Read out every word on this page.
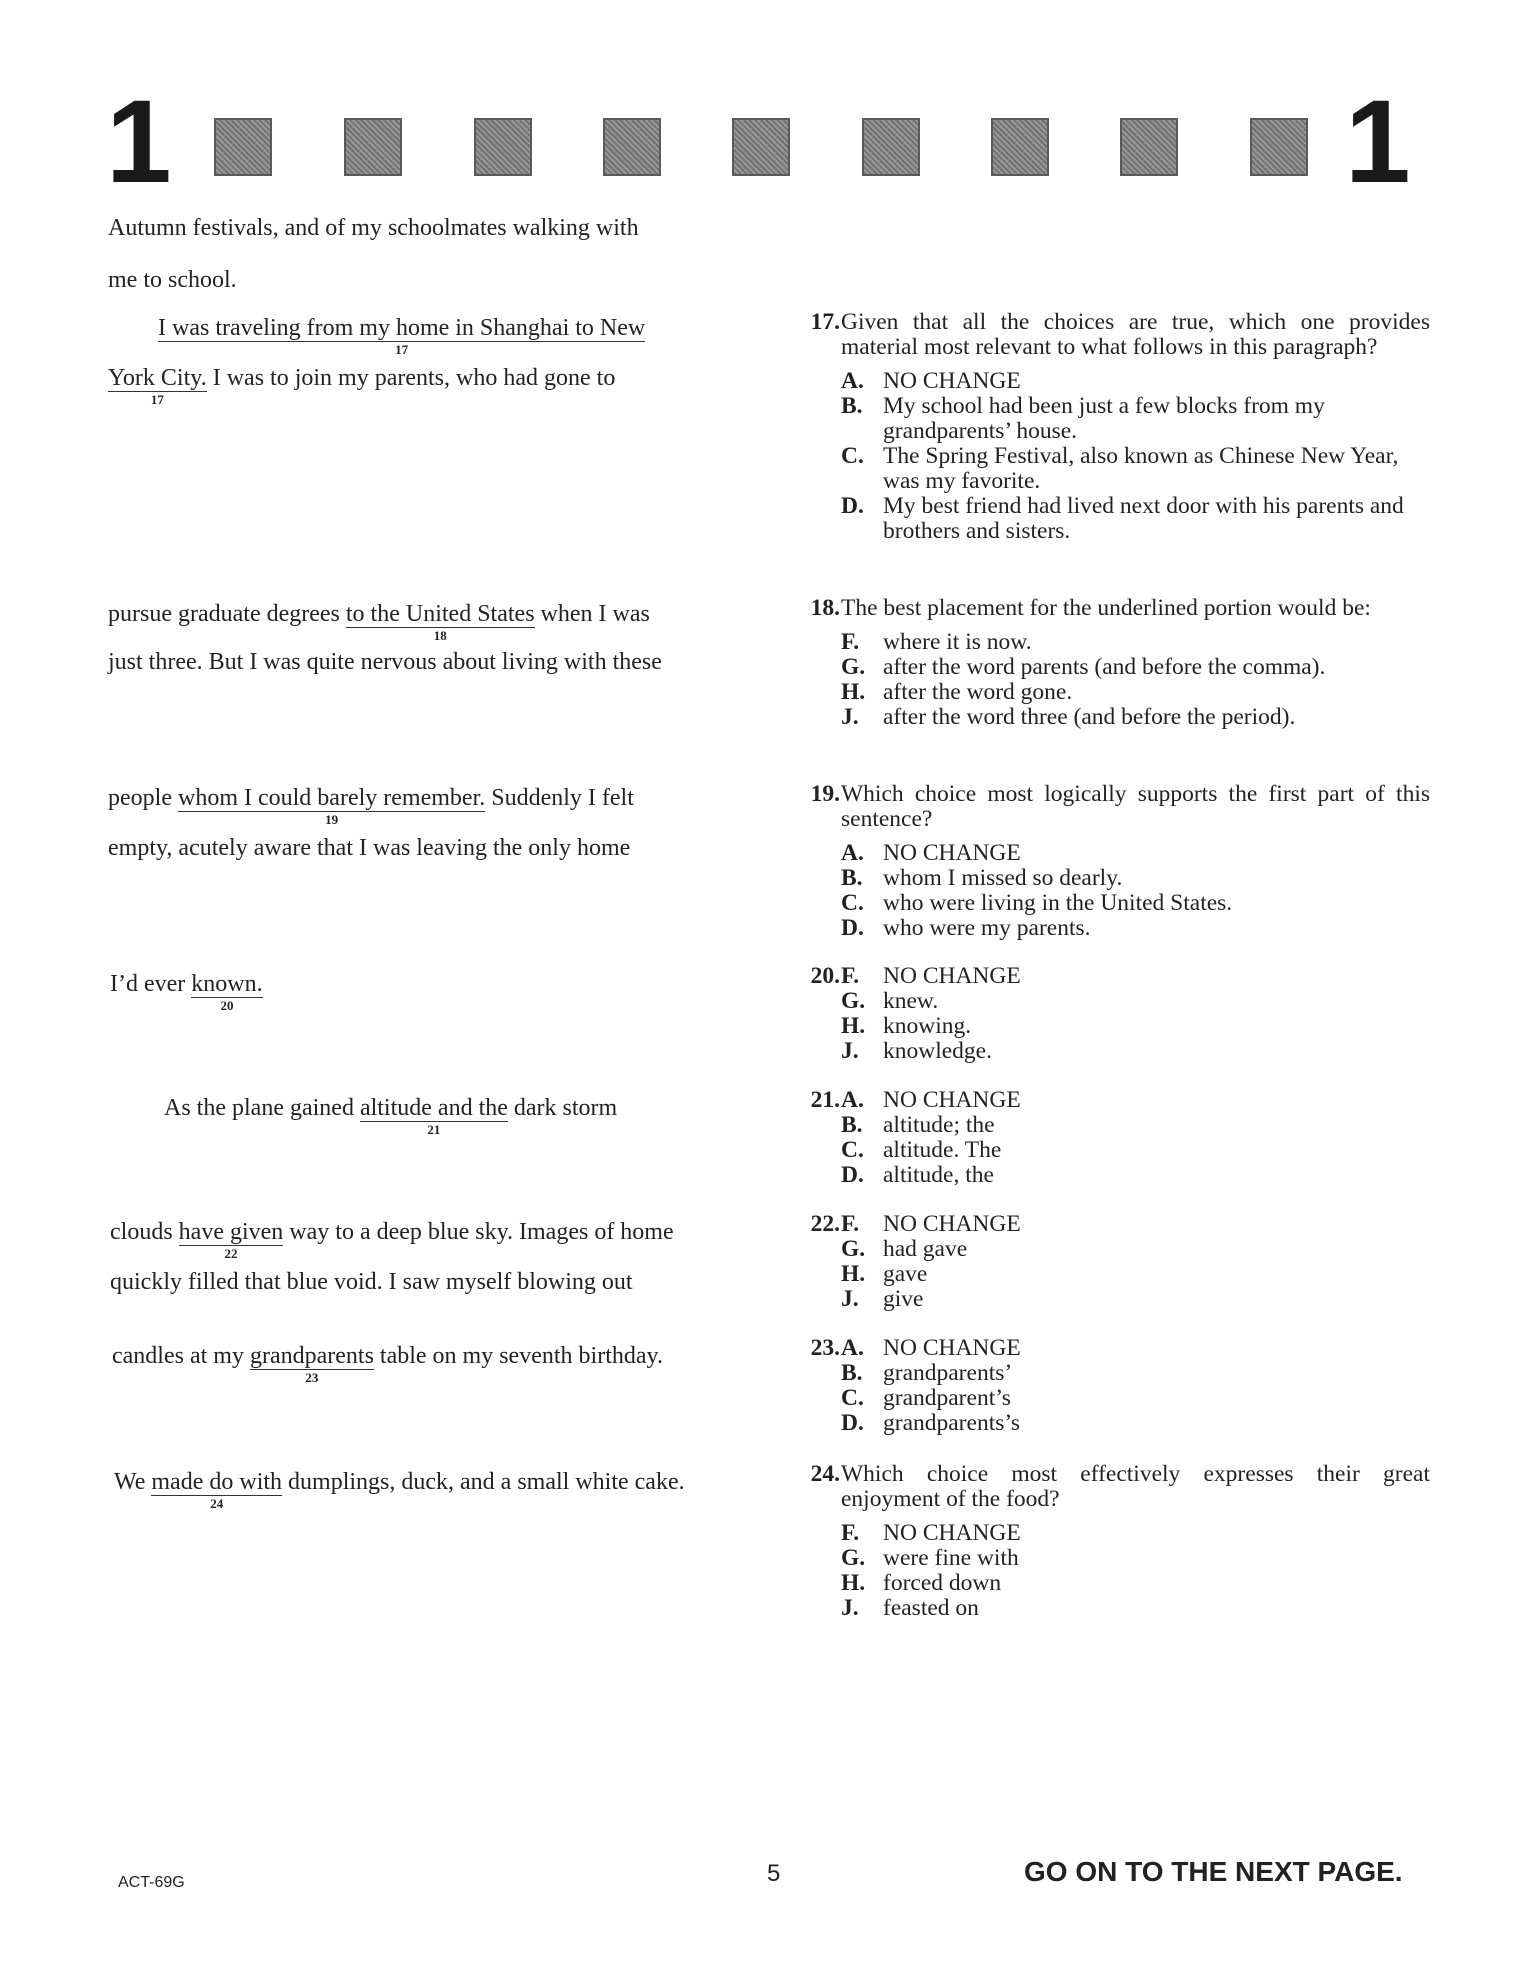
1	1
Autumn festivals, and of my schoolmates walking with
me to school.
I was traveling from my home in Shanghai to New
17
York City.
17
I was to join my parents, who had gone to
pursue graduate degrees to the United States
18
when I was
just three. But I was quite nervous about living with these
people whom I could barely remember.
19
Suddenly I felt
empty, acutely aware that I was leaving the only home
I’d ever known.
20
As the plane gained altitude and the
21
dark storm
clouds have given
22
way to a deep blue sky. Images of home
quickly filled that blue void. I saw myself blowing out
candles at my grandparents
23
table on my seventh birthday.
We made do with
24
dumplings, duck, and a small white cake.
17. Given that all the choices are true, which one provides material most relevant to what follows in this paragraph?
A. NO CHANGE
B. My school had been just a few blocks from my grandparents’ house.
C. The Spring Festival, also known as Chinese New Year, was my favorite.
D. My best friend had lived next door with his parents and brothers and sisters.
18. The best placement for the underlined portion would be:
F.	where it is now.
G. after the word parents (and before the comma).
H. after the word gone.
J.	after the word three (and before the period).
19. Which choice most logically supports the first part of this sentence?
A. NO CHANGE
B. whom I missed so dearly.
C. who were living in the United States.
D. who were my parents.
20. F.	NO CHANGE
G. knew.
H. knowing.
J.	knowledge.
21. A. NO CHANGE
B. altitude; the
C. altitude. The
D. altitude, the
22. F.	NO CHANGE
G. had gave
H. gave
J.	give
23. A. NO CHANGE
B. grandparents’
C. grandparent’s
D. grandparents’s
24. Which choice most effectively expresses their great enjoyment of the food?
F.	NO CHANGE
G. were fine with
H. forced down
J.	feasted on
ACT-69G	5	GO ON TO THE NEXT PAGE.
